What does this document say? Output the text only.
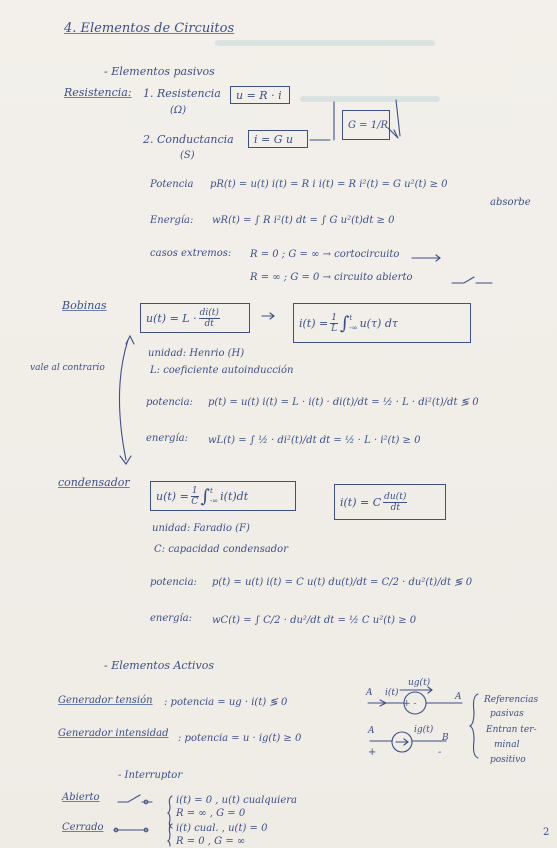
4. Elementos de Circuitos
- Elementos pasivos
Resistencia: 1. Resistencia
(Ω)
u = R · i
2. Conductancia
(S)
i = G u
G = 1/R
Potencia pR(t) = u(t) i(t) = R i i(t) = R i²(t) = G u²(t) ≥ 0
absorbe
Energía: wR(t) = ∫ R i²(t) dt = ∫ G u²(t)dt ≥ 0
casos extremos: R = 0 ; G = ∞ → cortocircuito
R = ∞ ; G = 0 → circuito abierto
Bobinas
vale al contrario
$u(t) = L \cdot \frac{di(t)}{dt}$	$i(t) = \frac{1}{L}$ ∫ t
-∞ u(τ) dτ
unidad: Henrio (H)
L: coeficiente autoinducción
potencia: p(t) = u(t) i(t) = L · i(t) · di(t)/dt = ½ · L · di²(t)/dt ≶ 0
energía: wL(t) = ∫ ½ · di²(t)/dt dt = ½ · L · i²(t) ≥ 0
condensador
$u(t) = \frac{1}{C}$ ∫ t
-∞ i(t)dt	i(t) = C $\frac{du(t)}{dt}$
unidad: Faradio (F)
C: capacidad condensador
potencia: p(t) = u(t) i(t) = C u(t) du(t)/dt = C/2 · du²(t)/dt ≶ 0
energía: wC(t) = ∫ C/2 · du²/dt dt = ½ C u²(t) ≥ 0
- Elementos Activos
Generador tensión : potencia = ug · i(t) ≶ 0
Generador intensidad : potencia = u · ig(t) ≥ 0
A i(t)
ug(t)
+ -
A
A	ig(t)
B
+	-
Referencias
pasivas
Entran ter-
minal
positivo
- Interruptor
Abierto	i(t) = 0 , u(t) cualquiera
R = ∞ , G = 0
Cerrado	i(t) cual. , u(t) = 0
R = 0 , G = ∞
2
